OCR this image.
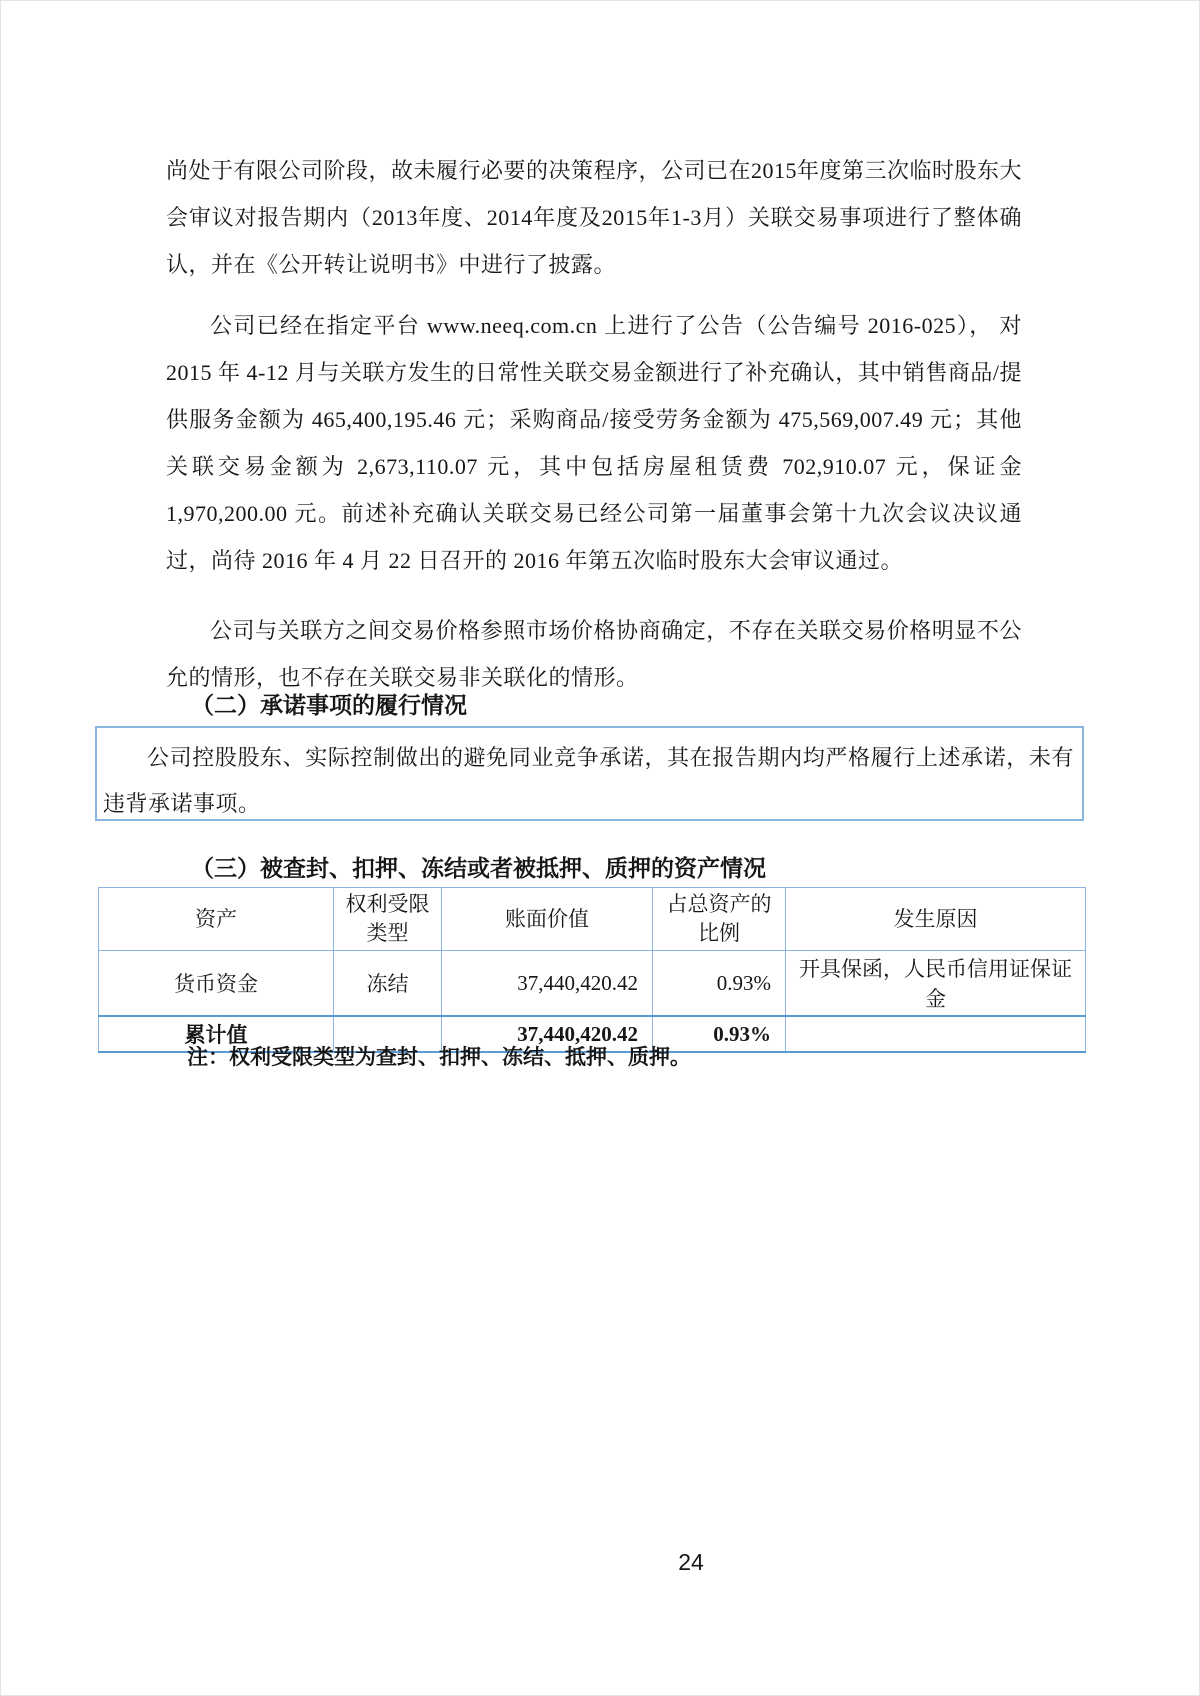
尚处于有限公司阶段，故未履行必要的决策程序，公司已在2015年度第三次临时股东大会审议对报告期内（2013年度、2014年度及2015年1-3月）关联交易事项进行了整体确认，并在《公开转让说明书》中进行了披露。
公司已经在指定平台 www.neeq.com.cn 上进行了公告（公告编号 2016-025）， 对 2015 年 4-12 月与关联方发生的日常性关联交易金额进行了补充确认，其中销售商品/提供服务金额为 465,400,195.46 元；采购商品/接受劳务金额为 475,569,007.49 元；其他关联交易金额为 2,673,110.07 元，其中包括房屋租赁费 702,910.07 元，保证金 1,970,200.00 元。前述补充确认关联交易已经公司第一届董事会第十九次会议决议通过，尚待 2016 年 4 月 22 日召开的 2016 年第五次临时股东大会审议通过。
公司与关联方之间交易价格参照市场价格协商确定，不存在关联交易价格明显不公允的情形，也不存在关联交易非关联化的情形。
（二）承诺事项的履行情况
公司控股股东、实际控制做出的避免同业竞争承诺，其在报告期内均严格履行上述承诺，未有违背承诺事项。
（三）被查封、扣押、冻结或者被抵押、质押的资产情况
资产	权利受限类型	账面价值	占总资产的比例	发生原因
货币资金	冻结	37,440,420.42	0.93%	开具保函，人民币信用证保证金
累计值		37,440,420.42	0.93%	
注：权利受限类型为查封、扣押、冻结、抵押、质押。
24
